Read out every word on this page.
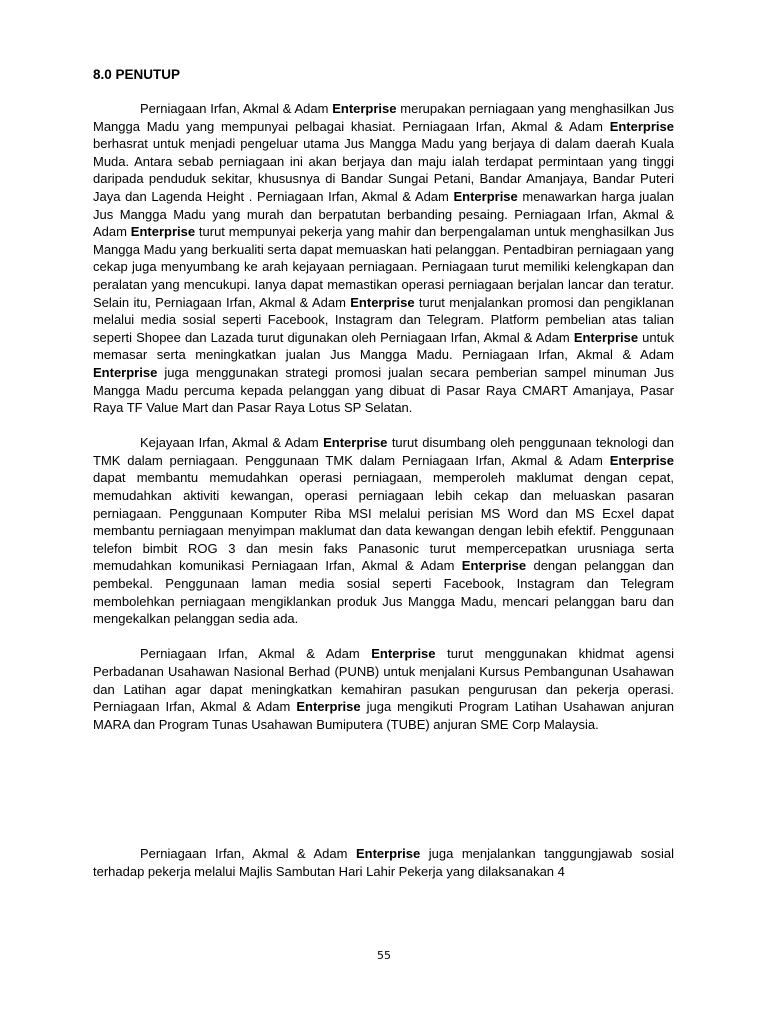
8.0 PENUTUP

Perniagaan Irfan, Akmal & Adam Enterprise merupakan perniagaan yang menghasilkan Jus Mangga Madu yang mempunyai pelbagai khasiat. Perniagaan Irfan, Akmal & Adam Enterprise berhasrat untuk menjadi pengeluar utama Jus Mangga Madu yang berjaya di dalam daerah Kuala Muda. Antara sebab perniagaan ini akan berjaya dan maju ialah terdapat permintaan yang tinggi daripada penduduk sekitar, khususnya di Bandar Sungai Petani, Bandar Amanjaya, Bandar Puteri Jaya dan Lagenda Height . Perniagaan Irfan, Akmal & Adam Enterprise menawarkan harga jualan Jus Mangga Madu yang murah dan berpatutan berbanding pesaing. Perniagaan Irfan, Akmal & Adam Enterprise turut mempunyai pekerja yang mahir dan berpengalaman untuk menghasilkan Jus Mangga Madu yang berkualiti serta dapat memuaskan hati pelanggan. Pentadbiran perniagaan yang cekap juga menyumbang ke arah kejayaan perniagaan. Perniagaan turut memiliki kelengkapan dan peralatan yang mencukupi. Ianya dapat memastikan operasi perniagaan berjalan lancar dan teratur. Selain itu, Perniagaan Irfan, Akmal & Adam Enterprise turut menjalankan promosi dan pengiklanan melalui media sosial seperti Facebook, Instagram dan Telegram. Platform pembelian atas talian seperti Shopee dan Lazada turut digunakan oleh Perniagaan Irfan, Akmal & Adam Enterprise untuk memasar serta meningkatkan jualan Jus Mangga Madu. Perniagaan Irfan, Akmal & Adam Enterprise juga menggunakan strategi promosi jualan secara pemberian sampel minuman Jus Mangga Madu percuma kepada pelanggan yang dibuat di Pasar Raya CMART Amanjaya, Pasar Raya TF Value Mart dan Pasar Raya Lotus SP Selatan.

Kejayaan Irfan, Akmal & Adam Enterprise turut disumbang oleh penggunaan teknologi dan TMK dalam perniagaan. Penggunaan TMK dalam Perniagaan Irfan, Akmal & Adam Enterprise dapat membantu memudahkan operasi perniagaan, memperoleh maklumat dengan cepat, memudahkan aktiviti kewangan, operasi perniagaan lebih cekap dan meluaskan pasaran perniagaan. Penggunaan Komputer Riba MSI melalui perisian MS Word dan MS Ecxel dapat membantu perniagaan menyimpan maklumat dan data kewangan dengan lebih efektif. Penggunaan telefon bimbit ROG 3 dan mesin faks Panasonic turut mempercepatkan urusniaga serta memudahkan komunikasi Perniagaan Irfan, Akmal & Adam Enterprise dengan pelanggan dan pembekal. Penggunaan laman media sosial seperti Facebook, Instagram dan Telegram membolehkan perniagaan mengiklankan produk Jus Mangga Madu, mencari pelanggan baru dan mengekalkan pelanggan sedia ada.

Perniagaan Irfan, Akmal & Adam Enterprise turut menggunakan khidmat agensi Perbadanan Usahawan Nasional Berhad (PUNB) untuk menjalani Kursus Pembangunan Usahawan dan Latihan agar dapat meningkatkan kemahiran pasukan pengurusan dan pekerja operasi. Perniagaan Irfan, Akmal & Adam Enterprise juga mengikuti Program Latihan Usahawan anjuran MARA dan Program Tunas Usahawan Bumiputera (TUBE) anjuran SME Corp Malaysia.

Perniagaan Irfan, Akmal & Adam Enterprise juga menjalankan tanggungjawab sosial terhadap pekerja melalui Majlis Sambutan Hari Lahir Pekerja yang dilaksanakan 4

55
